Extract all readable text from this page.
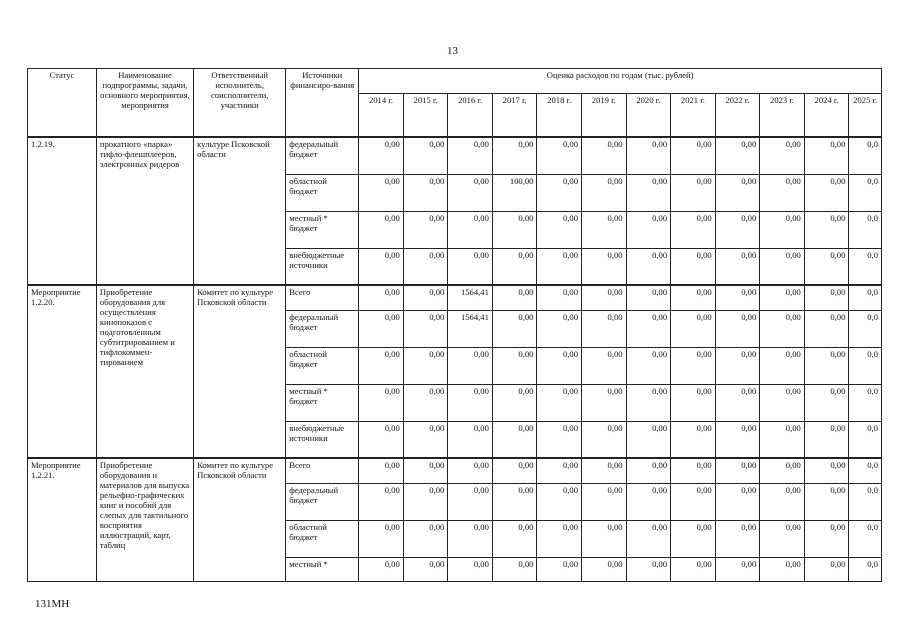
13
Статус	Наименование подпрограммы, задачи, основного мероприятия, мероприятия	Ответственный исполнитель, соисполнители, участники	Источники финансиро-вания	Оценка расходов по годам (тыс. рублей)											
				2014 г.	2015 г.	2016 г.	2017 г.	2018 г.	2019 г.	2020 г.	2021 г.	2022 г.	2023 г.	2024 г.	2025 г.
1.2.19.	прокатного «парка» тифло-флешплееров, электронных ридеров	культуре Псковской области	федеральный бюджет	0,00	0,00	0,00	0,00	0,00	0,00	0,00	0,00	0,00	0,00	0,00	0,0
			областной бюджет	0,00	0,00	0,00	100,00	0,00	0,00	0,00	0,00	0,00	0,00	0,00	0,0
			местный * бюджет	0,00	0,00	0,00	0,00	0,00	0,00	0,00	0,00	0,00	0,00	0,00	0,0
			внебюджетные источники	0,00	0,00	0,00	0,00	0,00	0,00	0,00	0,00	0,00	0,00	0,00	0,0
Мероприятие 1.2.20.	Приобретение оборудования для осуществления кинопоказов с подготовленным субтитрированием и тифлокоммен-тированием	Комитет по культуре Псковской области	Всего	0,00	0,00	1564,41	0,00	0,00	0,00	0,00	0,00	0,00	0,00	0,00	0,0
			федеральный бюджет	0,00	0,00	1564,41	0,00	0,00	0,00	0,00	0,00	0,00	0,00	0,00	0,0
			областной бюджет	0,00	0,00	0,00	0,00	0,00	0,00	0,00	0,00	0,00	0,00	0,00	0,0
			местный * бюджет	0,00	0,00	0,00	0,00	0,00	0,00	0,00	0,00	0,00	0,00	0,00	0,0
			внебюджетные источники	0,00	0,00	0,00	0,00	0,00	0,00	0,00	0,00	0,00	0,00	0,00	0,0
Мероприятие 1.2.21.	Приобретение оборудования и материалов для выпуска рельефно-графических книг и пособий для слепых для тактильного восприятия иллюстраций, карт, таблиц	Комитет по культуре Псковской области	Всего	0,00	0,00	0,00	0,00	0,00	0,00	0,00	0,00	0,00	0,00	0,00	0,0
			федеральный бюджет	0,00	0,00	0,00	0,00	0,00	0,00	0,00	0,00	0,00	0,00	0,00	0,0
			областной бюджет	0,00	0,00	0,00	0,00	0,00	0,00	0,00	0,00	0,00	0,00	0,00	0,0
			местный *	0,00	0,00	0,00	0,00	0,00	0,00	0,00	0,00	0,00	0,00	0,00	0,0
131МН
